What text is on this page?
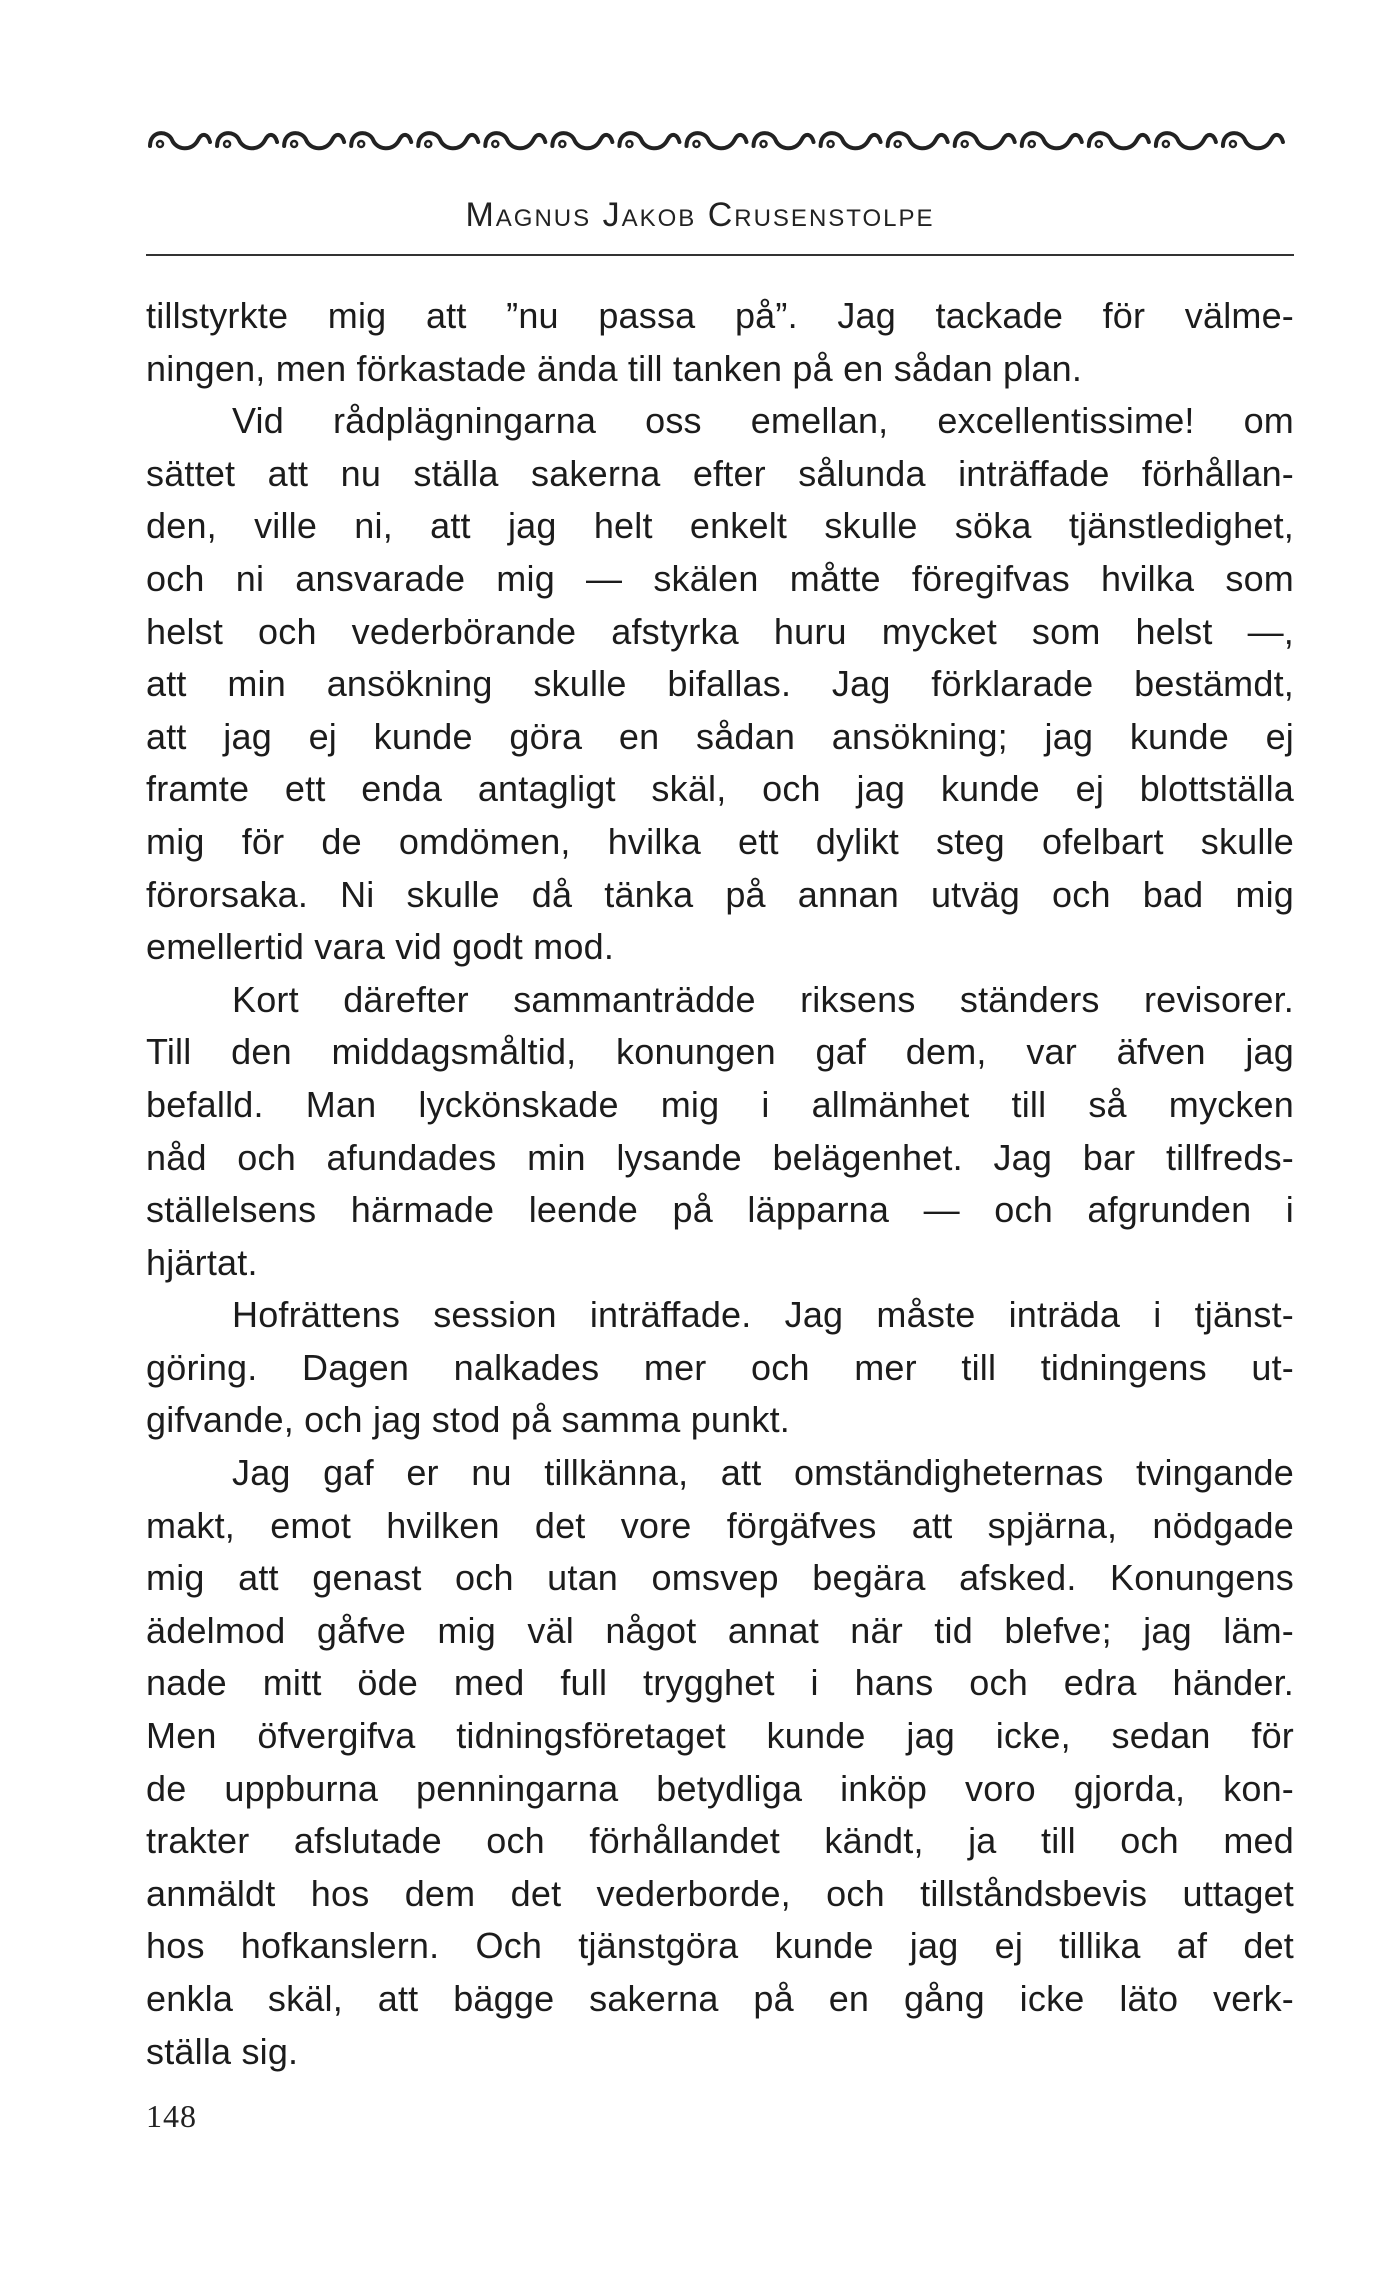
Magnus Jakob Crusenstolpe
tillstyrkte mig att ”nu passa på”. Jag tackade för välme-
ningen, men förkastade ända till tanken på en sådan plan.
Vid rådplägningarna oss emellan, excellentissime! om
sättet att nu ställa sakerna efter sålunda inträffade förhållan-
den, ville ni, att jag helt enkelt skulle söka tjänstledighet,
och ni ansvarade mig — skälen måtte föregifvas hvilka som
helst och vederbörande afstyrka huru mycket som helst —,
att min ansökning skulle bifallas. Jag förklarade bestämdt,
att jag ej kunde göra en sådan ansökning; jag kunde ej
framte ett enda antagligt skäl, och jag kunde ej blottställa
mig för de omdömen, hvilka ett dylikt steg ofelbart skulle
förorsaka. Ni skulle då tänka på annan utväg och bad mig
emellertid vara vid godt mod.
Kort därefter sammanträdde riksens ständers revisorer.
Till den middagsmåltid, konungen gaf dem, var äfven jag
befalld. Man lyckönskade mig i allmänhet till så mycken
nåd och afundades min lysande belägenhet. Jag bar tillfreds-
ställelsens härmade leende på läpparna — och afgrunden i
hjärtat.
Hofrättens session inträffade. Jag måste inträda i tjänst-
göring. Dagen nalkades mer och mer till tidningens ut-
gifvande, och jag stod på samma punkt.
Jag gaf er nu tillkänna, att omständigheternas tvingande
makt, emot hvilken det vore förgäfves att spjärna, nödgade
mig att genast och utan omsvep begära afsked. Konungens
ädelmod gåfve mig väl något annat när tid blefve; jag läm-
nade mitt öde med full trygghet i hans och edra händer.
Men öfvergifva tidningsföretaget kunde jag icke, sedan för
de uppburna penningarna betydliga inköp voro gjorda, kon-
trakter afslutade och förhållandet kändt, ja till och med
anmäldt hos dem det vederborde, och tillståndsbevis uttaget
hos hofkanslern. Och tjänstgöra kunde jag ej tillika af det
enkla skäl, att bägge sakerna på en gång icke läto verk-
ställa sig.
148
